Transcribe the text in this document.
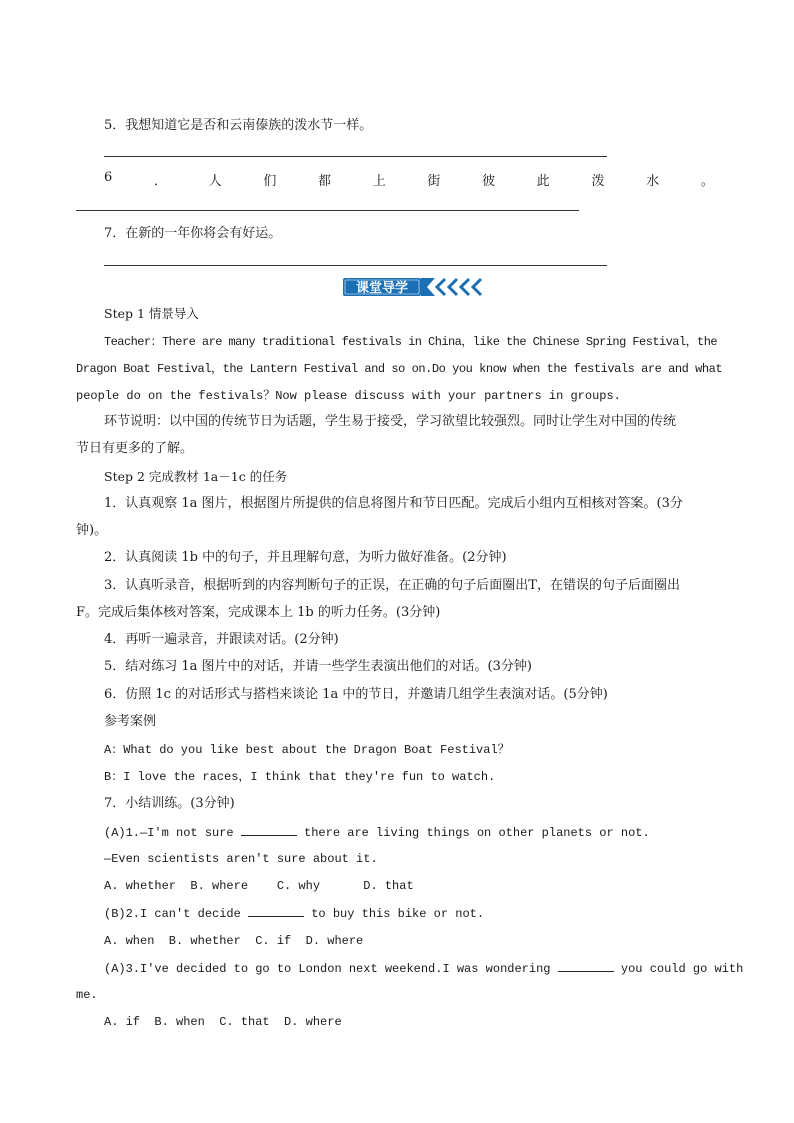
5．我想知道它是否和云南傣族的泼水节一样。
6	．	人	们	都	上	街	彼	此	泼	水	。
7．在新的一年你将会有好运。
课堂导学
Step 1 情景导入
Teacher：There are many traditional festivals in China，like the Chinese Spring Festival，the
Dragon Boat Festival，the Lantern Festival and so on.Do you know when the festivals are and what
people do on the festivals？Now please discuss with your partners in groups.
环节说明：以中国的传统节日为话题，学生易于接受，学习欲望比较强烈。同时让学生对中国的传统
节日有更多的了解。
Step 2 完成教材 1a－1c 的任务
1．认真观察 1a 图片，根据图片所提供的信息将图片和节日匹配。完成后小组内互相核对答案。(3分
钟)。
2．认真阅读 1b 中的句子，并且理解句意，为听力做好准备。(2分钟)
3．认真听录音，根据听到的内容判断句子的正误，在正确的句子后面圈出T，在错误的句子后面圈出
F。完成后集体核对答案，完成课本上 1b 的听力任务。(3分钟)
4．再听一遍录音，并跟读对话。(2分钟)
5．结对练习 1a 图片中的对话，并请一些学生表演出他们的对话。(3分钟)
6．仿照 1c 的对话形式与搭档来谈论 1a 中的节日，并邀请几组学生表演对话。(5分钟)
参考案例
A：What do you like best about the Dragon Boat Festival？
B：I love the races，I think that they're fun to watch.
7．小结训练。(3分钟)
(A)1.—I'm not sure	there are living things on other planets or not.
—Even scientists aren't sure about it.
A. whether  B. where    C. why      D. that
(B)2.I can't decide	to buy this bike or not.
A. when  B. whether  C. if  D. where
(A)3.I've decided to go to London next weekend.I was wondering	you could go with
me.
A. if  B. when  C. that  D. where
